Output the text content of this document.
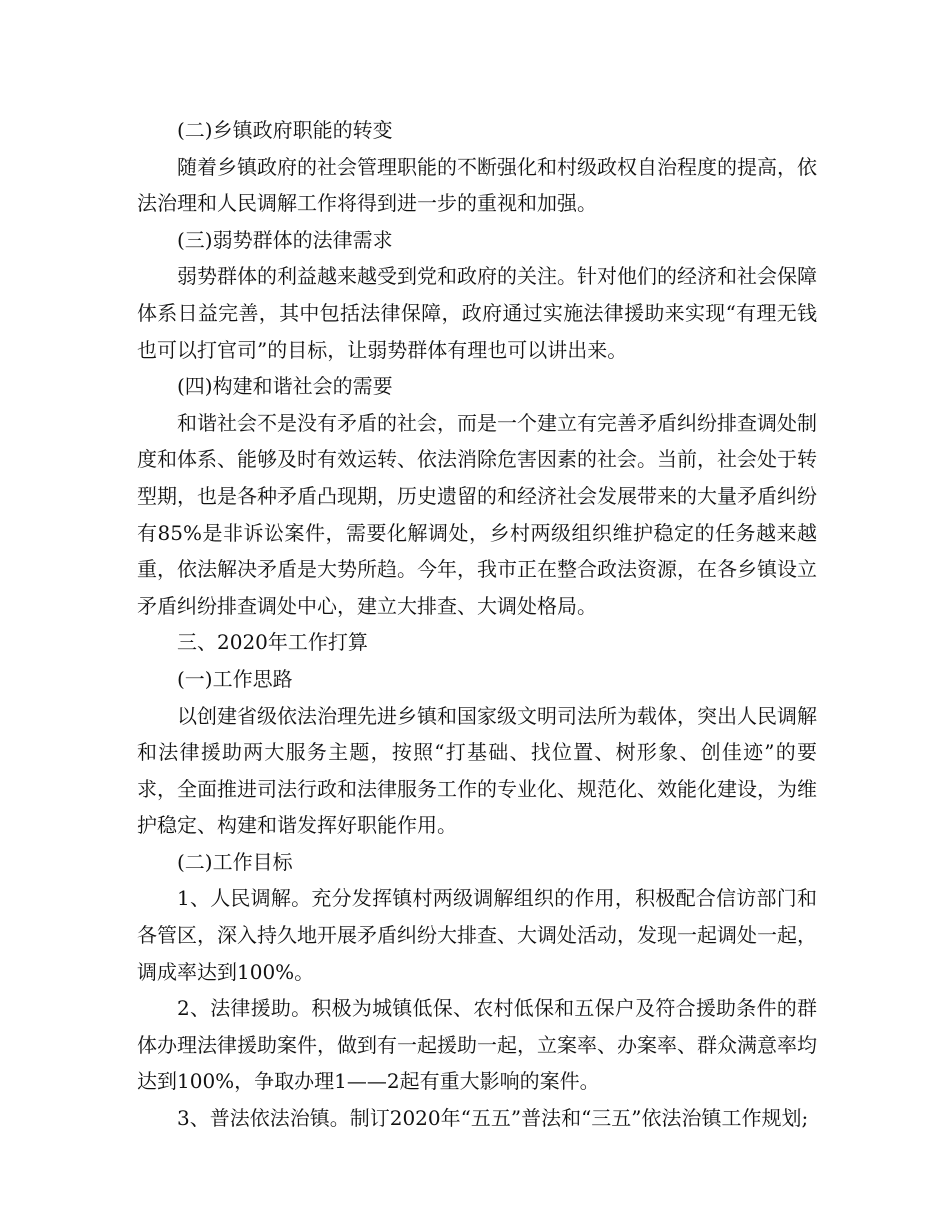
(二)乡镇政府职能的转变

随着乡镇政府的社会管理职能的不断强化和村级政权自治程度的提高，依法治理和人民调解工作将得到进一步的重视和加强。

(三)弱势群体的法律需求

弱势群体的利益越来越受到党和政府的关注。针对他们的经济和社会保障体系日益完善，其中包括法律保障，政府通过实施法律援助来实现“有理无钱也可以打官司”的目标，让弱势群体有理也可以讲出来。

(四)构建和谐社会的需要

和谐社会不是没有矛盾的社会，而是一个建立有完善矛盾纠纷排查调处制度和体系、能够及时有效运转、依法消除危害因素的社会。当前，社会处于转型期，也是各种矛盾凸现期，历史遗留的和经济社会发展带来的大量矛盾纠纷有85%是非诉讼案件，需要化解调处，乡村两级组织维护稳定的任务越来越重，依法解决矛盾是大势所趋。今年，我市正在整合政法资源，在各乡镇设立矛盾纠纷排查调处中心，建立大排查、大调处格局。

三、2020年工作打算

(一)工作思路

以创建省级依法治理先进乡镇和国家级文明司法所为载体，突出人民调解和法律援助两大服务主题，按照“打基础、找位置、树形象、创佳迹”的要求，全面推进司法行政和法律服务工作的专业化、规范化、效能化建设，为维护稳定、构建和谐发挥好职能作用。

(二)工作目标

1、人民调解。充分发挥镇村两级调解组织的作用，积极配合信访部门和各管区，深入持久地开展矛盾纠纷大排查、大调处活动，发现一起调处一起，调成率达到100%。

2、法律援助。积极为城镇低保、农村低保和五保户及符合援助条件的群体办理法律援助案件，做到有一起援助一起，立案率、办案率、群众满意率均达到100%，争取办理1——2起有重大影响的案件。

3、普法依法治镇。制订2020年“五五”普法和“三五”依法治镇工作规划;
